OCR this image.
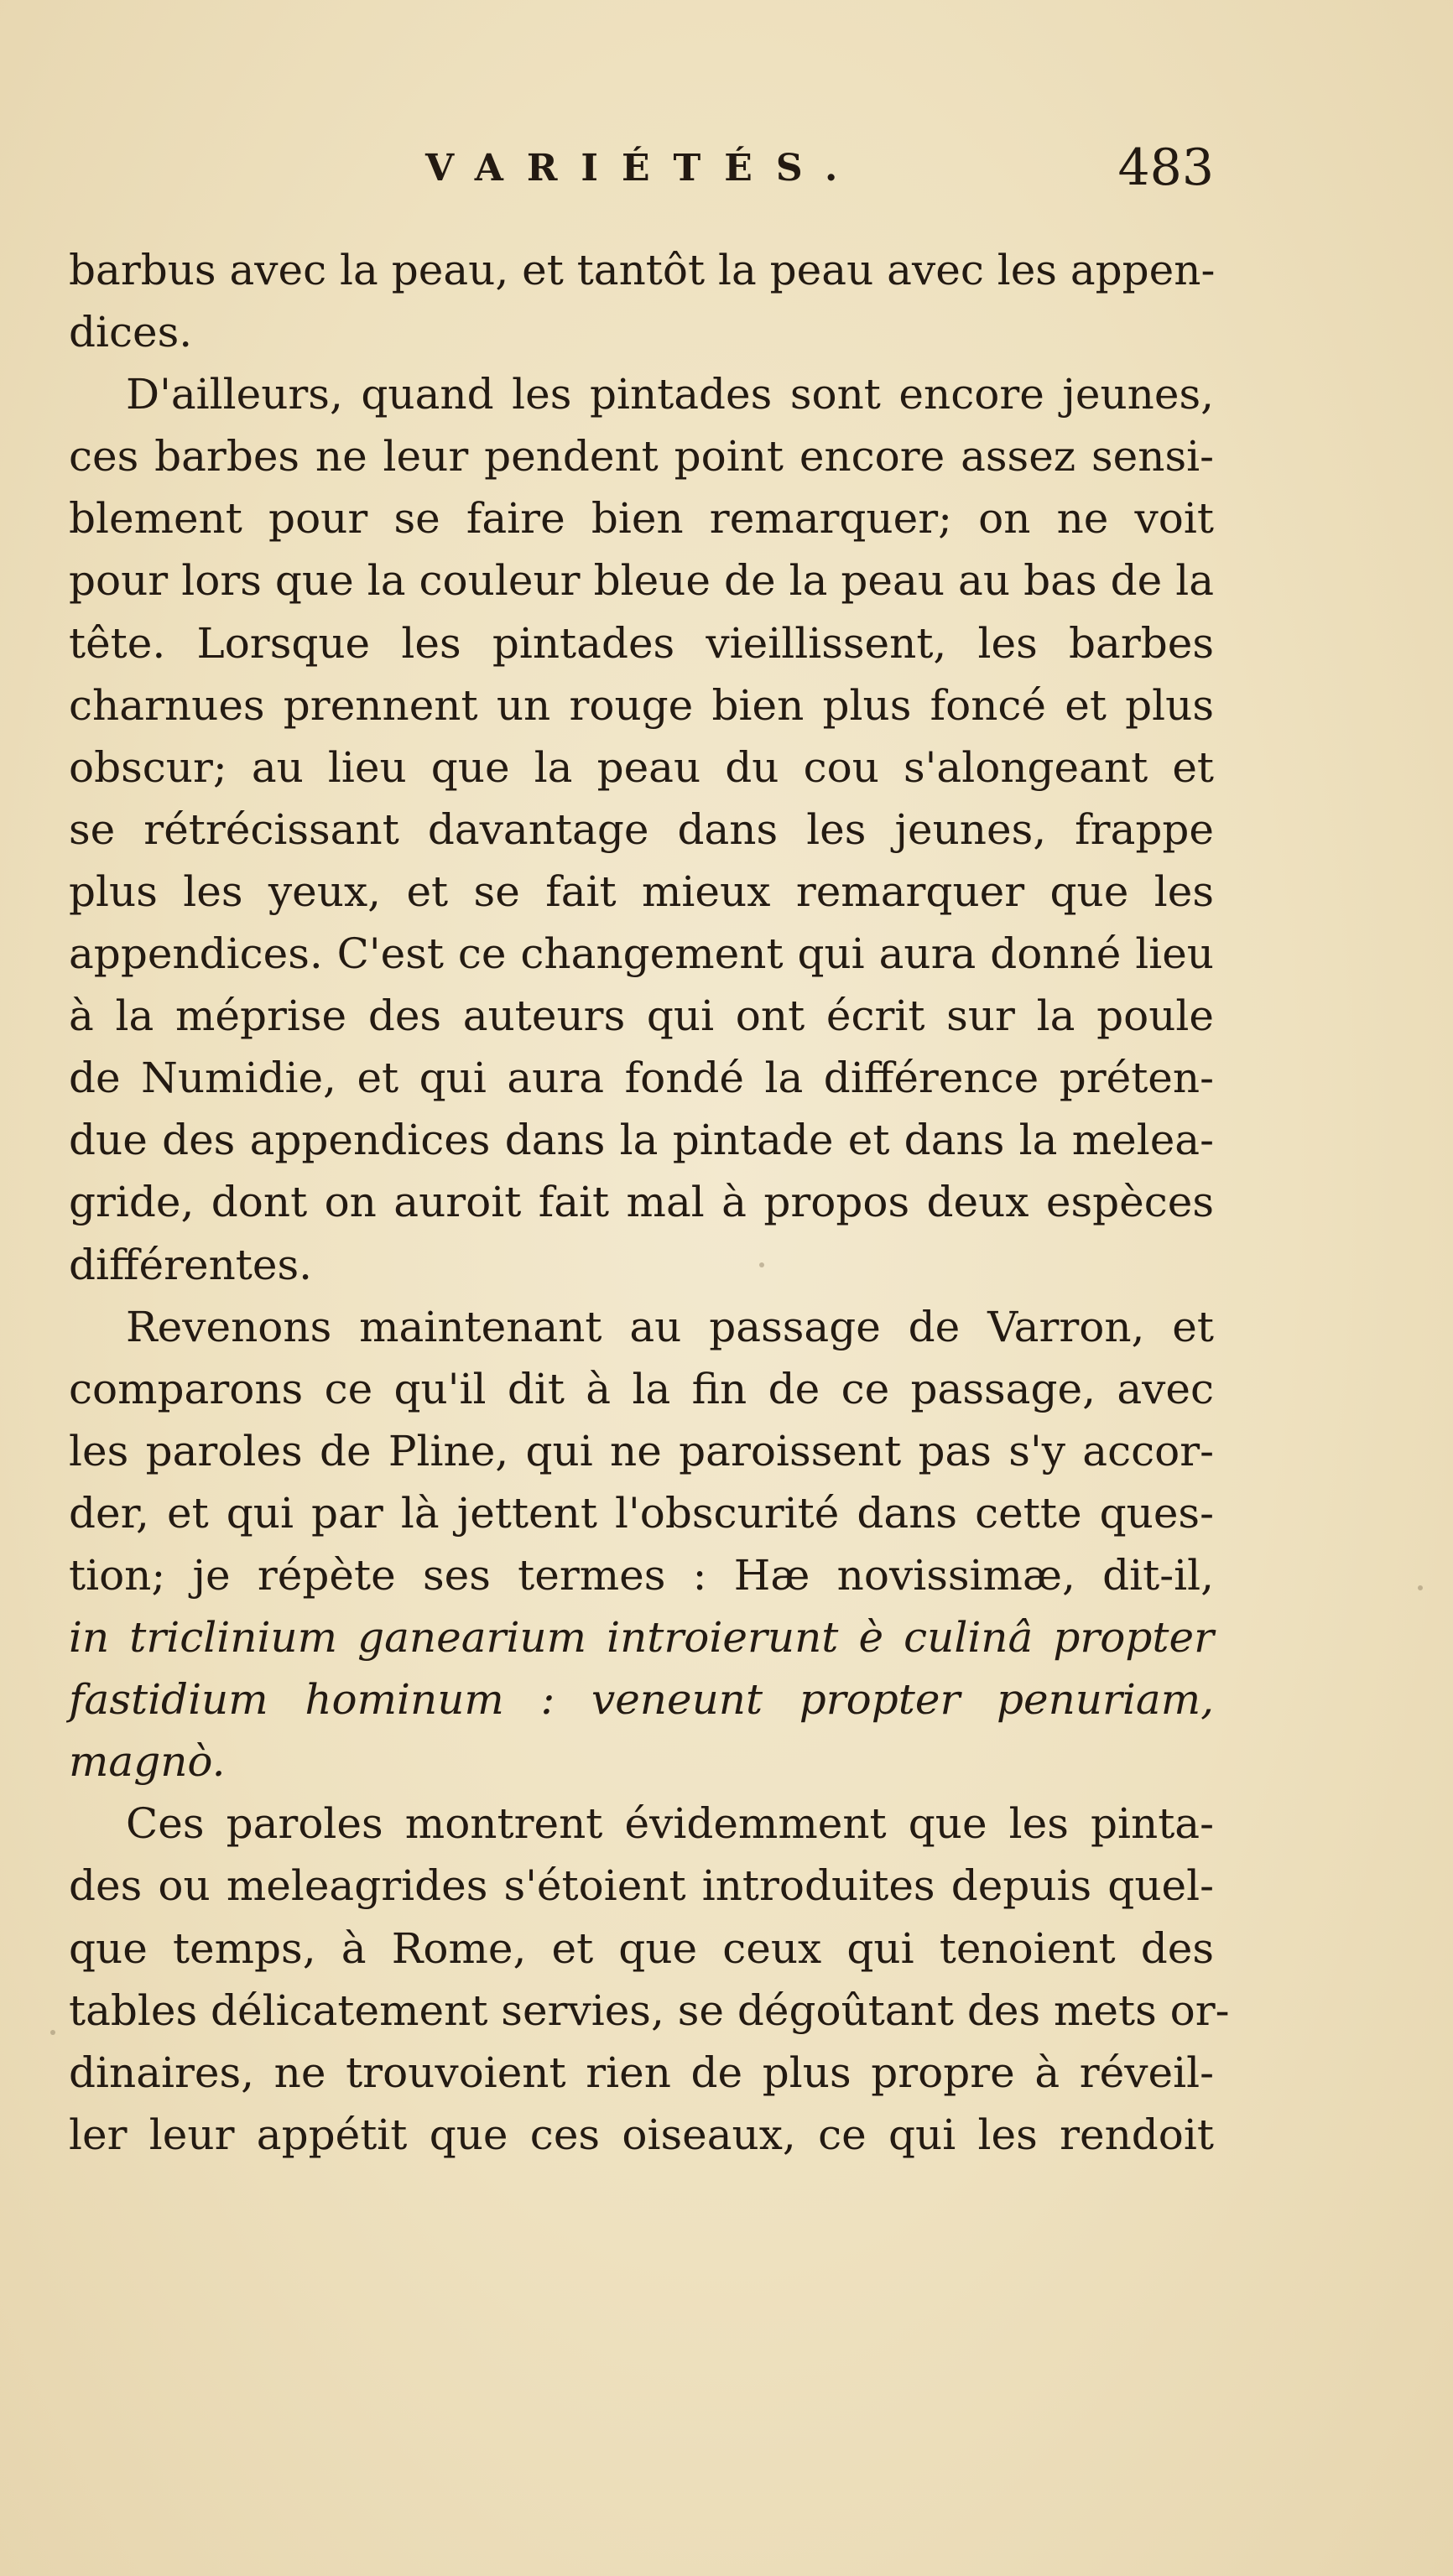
VARIÉTÉS.	483
barbus avec la peau, et tantôt la peau avec les appen-
dices.
D'ailleurs, quand les pintades sont encore jeunes,
ces barbes ne leur pendent point encore assez sensi-
blement pour se faire bien remarquer; on ne voit
pour lors que la couleur bleue de la peau au bas de la
tête. Lorsque les pintades vieillissent, les barbes
charnues prennent un rouge bien plus foncé et plus
obscur; au lieu que la peau du cou s'alongeant et
se rétrécissant davantage dans les jeunes, frappe
plus les yeux, et se fait mieux remarquer que les
appendices. C'est ce changement qui aura donné lieu
à la méprise des auteurs qui ont écrit sur la poule
de Numidie, et qui aura fondé la différence préten-
due des appendices dans la pintade et dans la melea-
gride, dont on auroit fait mal à propos deux espèces
différentes.
Revenons maintenant au passage de Varron, et
comparons ce qu'il dit à la fin de ce passage, avec
les paroles de Pline, qui ne paroissent pas s'y accor-
der, et qui par là jettent l'obscurité dans cette ques-
tion; je répète ses termes : Hæ novissimæ, dit-il,
in triclinium ganearium introierunt è culinâ propter
fastidium hominum : veneunt propter penuriam,
magnò.
Ces paroles montrent évidemment que les pinta-
des ou meleagrides s'étoient introduites depuis quel-
que temps, à Rome, et que ceux qui tenoient des
tables délicatement servies, se dégoûtant des mets or-
dinaires, ne trouvoient rien de plus propre à réveil-
ler leur appétit que ces oiseaux, ce qui les rendoit
